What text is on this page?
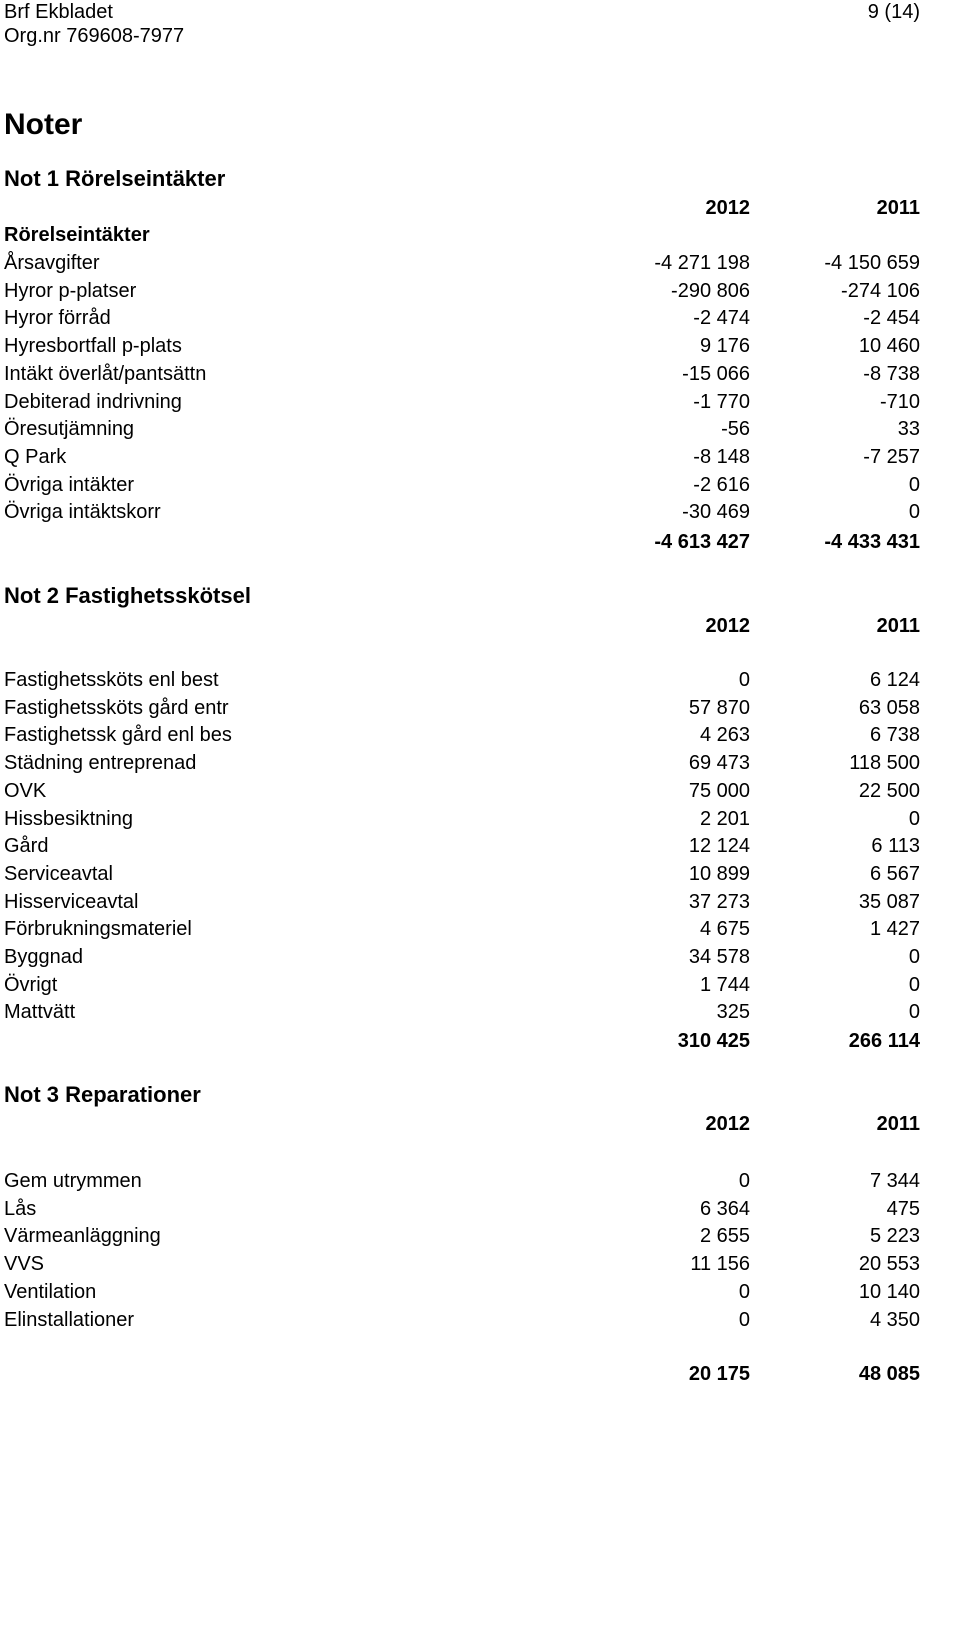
Brf Ekbladet
Org.nr 769608-7977
9 (14)
Noter
Not 1 Rörelseintäkter
2012	2011
Rörelseintäkter
Årsavgifter	-4 271 198	-4 150 659
Hyror p-platser	-290 806	-274 106
Hyror förråd	-2 474	-2 454
Hyresbortfall p-plats	9 176	10 460
Intäkt överlåt/pantsättn	-15 066	-8 738
Debiterad indrivning	-1 770	-710
Öresutjämning	-56	33
Q Park	-8 148	-7 257
Övriga intäkter	-2 616	0
Övriga intäktskorr	-30 469	0
-4 613 427	-4 433 431
Not 2 Fastighetsskötsel
2012	2011
Fastighetssköts enl best	0	6 124
Fastighetssköts gård entr	57 870	63 058
Fastighetssk gård enl bes	4 263	6 738
Städning entreprenad	69 473	118 500
OVK	75 000	22 500
Hissbesiktning	2 201	0
Gård	12 124	6 113
Serviceavtal	10 899	6 567
Hisserviceavtal	37 273	35 087
Förbrukningsmateriel	4 675	1 427
Byggnad	34 578	0
Övrigt	1 744	0
Mattvätt	325	0
310 425	266 114
Not 3 Reparationer
2012	2011
Gem utrymmen	0	7 344
Lås	6 364	475
Värmeanläggning	2 655	5 223
VVS	11 156	20 553
Ventilation	0	10 140
Elinstallationer	0	4 350
20 175	48 085
